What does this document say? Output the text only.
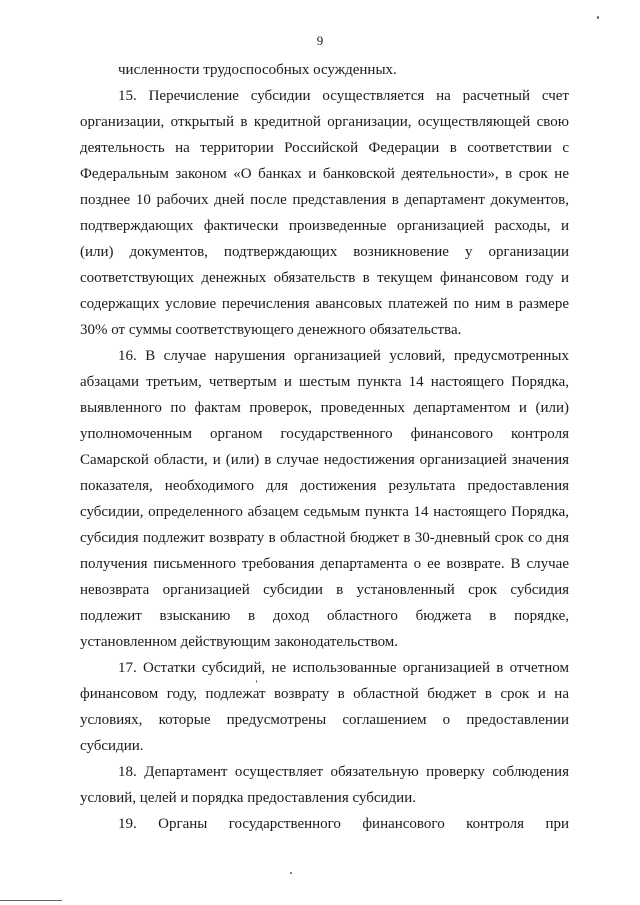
9

численности трудоспособных осужденных.

15. Перечисление субсидии осуществляется на расчетный счет организации, открытый в кредитной организации, осуществляющей свою деятельность на территории Российской Федерации в соответствии с Федеральным законом «О банках и банковской деятельности», в срок не позднее 10 рабочих дней после представления в департамент документов, подтверждающих фактически произведенные организацией расходы, и (или) документов, подтверждающих возникновение у организации соответствующих денежных обязательств в текущем финансовом году и содержащих условие перечисления авансовых платежей по ним в размере 30% от суммы соответствующего денежного обязательства.

16. В случае нарушения организацией условий, предусмотренных абзацами третьим, четвертым и шестым пункта 14 настоящего Порядка, выявленного по фактам проверок, проведенных департаментом и (или) уполномоченным органом государственного финансового контроля Самарской области, и (или) в случае недостижения организацией значения показателя, необходимого для достижения результата предоставления субсидии, определенного абзацем седьмым пункта 14 настоящего Порядка, субсидия подлежит возврату в областной бюджет в 30-дневный срок со дня получения письменного требования департамента о ее возврате. В случае невозврата организацией субсидии в установленный срок субсидия подлежит взысканию в доход областного бюджета в порядке, установленном действующим законодательством.

17. Остатки субсидий, не использованные организацией в отчетном финансовом году, подлежат возврату в областной бюджет в срок и на условиях, которые предусмотрены соглашением о предоставлении субсидии.

18. Департамент осуществляет обязательную проверку соблюдения условий, целей и порядка предоставления субсидии.

19. Органы государственного финансового контроля при
